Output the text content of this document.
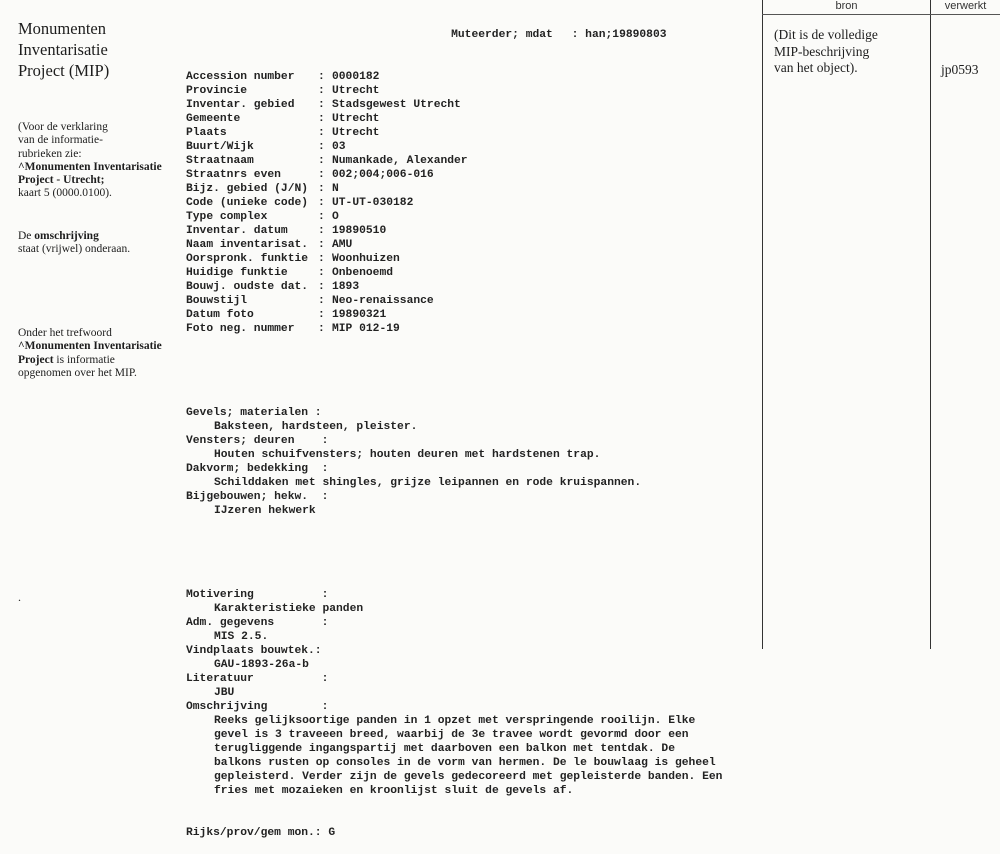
Monumenten
Inventarisatie
Project (MIP)
(Voor de verklaring
van de informatie-
rubrieken zie:
^Monumenten Inventarisatie
Project - Utrecht;
kaart 5 (0000.0100).
De omschrijving
staat (vrijwel) onderaan.
Onder het trefwoord
^Monumenten Inventarisatie
Project is informatie
opgenomen over het MIP.
.

Muteerder; mdat : han;19890803

Accession number	: 0000182
Provincie	: Utrecht
Inventar. gebied	: Stadsgewest Utrecht
Gemeente	: Utrecht
Plaats	: Utrecht
Buurt/Wijk	: 03
Straatnaam	: Numankade, Alexander
Straatnrs even	: 002;004;006-016
Bijz. gebied (J/N) : N
Code (unieke code) : UT-UT-030182
Type complex	: O
Inventar. datum	: 19890510
Naam inventarisat. : AMU
Oorspronk. funktie : Woonhuizen
Huidige funktie	: Onbenoemd
Bouwj. oudste dat. : 1893
Bouwstijl	: Neo-renaissance
Datum foto	: 19890321
Foto neg. nummer	: MIP 012-19

Gevels; materialen :
Baksteen, hardsteen, pleister.
Vensters; deuren    :
Houten schuifvensters; houten deuren met hardstenen trap.
Dakvorm; bedekking  :
Schilddaken met shingles, grijze leipannen en rode kruispannen.
Bijgebouwen; hekw.  :
IJzeren hekwerk

Motivering          :
Karakteristieke panden
Adm. gegevens       :
MIS 2.5.
Vindplaats bouwtek.:
GAU-1893-26a-b
Literatuur          :
JBU
Omschrijving        :
Reeks gelijksoortige panden in 1 opzet met verspringende rooilijn. Elke
gevel is 3 traveeen breed, waarbij de 3e travee wordt gevormd door een
terugliggende ingangspartij met daarboven een balkon met tentdak. De
balkons rusten op consoles in de vorm van hermen. De le bouwlaag is geheel
gepleisterd. Verder zijn de gevels gedecoreerd met gepleisterde banden. Een
fries met mozaieken en kroonlijst sluit de gevels af.

Rijks/prov/gem mon.:
G

bron	verwerkt
(Dit is de volledige
MIP-beschrijving
van het object).	jp0593
